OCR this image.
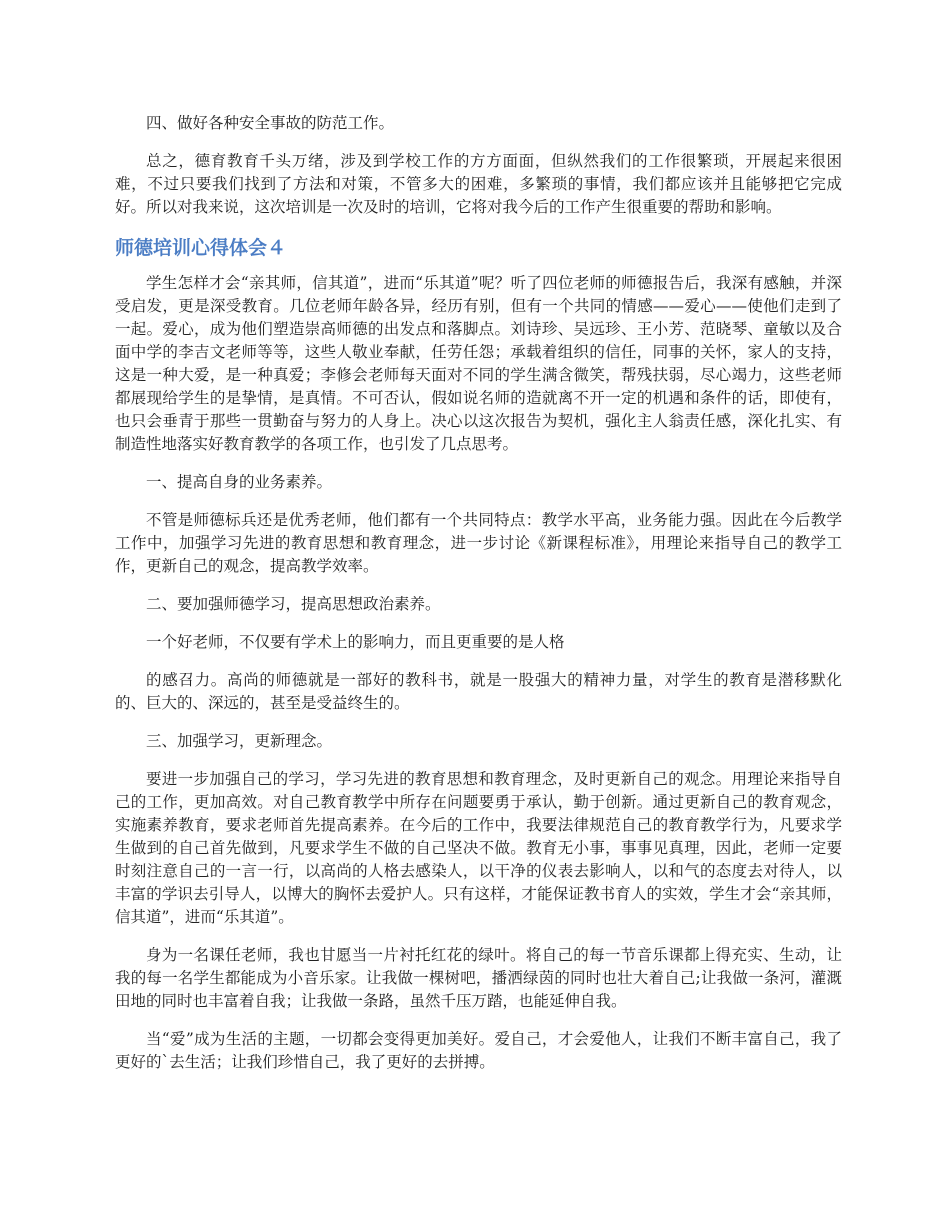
四、做好各种安全事故的防范工作。

总之，德育教育千头万绪，涉及到学校工作的方方面面，但纵然我们的工作很繁琐，开展起来很困难，不过只要我们找到了方法和对策，不管多大的困难，多繁琐的事情，我们都应该并且能够把它完成好。所以对我来说，这次培训是一次及时的培训，它将对我今后的工作产生很重要的帮助和影响。

师德培训心得体会４

学生怎样才会“亲其师，信其道”，进而“乐其道”呢？听了四位老师的师德报告后，我深有感触，并深受启发，更是深受教育。几位老师年龄各异，经历有别，但有一个共同的情感——爱心——使他们走到了一起。爱心，成为他们塑造崇高师德的出发点和落脚点。刘诗珍、吴远珍、王小芳、范晓琴、童敏以及合面中学的李吉文老师等等，这些人敬业奉献，任劳任怨；承载着组织的信任，同事的关怀，家人的支持，这是一种大爱，是一种真爱；李修会老师每天面对不同的学生满含微笑，帮残扶弱，尽心竭力，这些老师都展现给学生的是挚情，是真情。不可否认，假如说名师的造就离不开一定的机遇和条件的话，即使有，也只会垂青于那些一贯勤奋与努力的人身上。决心以这次报告为契机，强化主人翁责任感，深化扎实、有制造性地落实好教育教学的各项工作，也引发了几点思考。

一、提高自身的业务素养。

不管是师德标兵还是优秀老师，他们都有一个共同特点：教学水平高，业务能力强。因此在今后教学工作中，加强学习先进的教育思想和教育理念，进一步讨论《新课程标准》，用理论来指导自己的教学工作，更新自己的观念，提高教学效率。

二、要加强师德学习，提高思想政治素养。

一个好老师，不仅要有学术上的影响力，而且更重要的是人格

的感召力。高尚的师德就是一部好的教科书，就是一股强大的精神力量，对学生的教育是潜移默化的、巨大的、深远的，甚至是受益终生的。

三、加强学习，更新理念。

要进一步加强自己的学习，学习先进的教育思想和教育理念，及时更新自己的观念。用理论来指导自己的工作，更加高效。对自己教育教学中所存在问题要勇于承认，勤于创新。通过更新自己的教育观念，实施素养教育，要求老师首先提高素养。在今后的工作中，我要法律规范自己的教育教学行为，凡要求学生做到的自己首先做到，凡要求学生不做的自己坚决不做。教育无小事，事事见真理，因此，老师一定要时刻注意自己的一言一行，以高尚的人格去感染人，以干净的仪表去影响人，以和气的态度去对待人，以丰富的学识去引导人，以博大的胸怀去爱护人。只有这样，才能保证教书育人的实效，学生才会“亲其师，信其道”，进而“乐其道”。

身为一名课任老师，我也甘愿当一片衬托红花的绿叶。将自己的每一节音乐课都上得充实、生动，让我的每一名学生都能成为小音乐家。让我做一棵树吧，播洒绿茵的同时也壮大着自己;让我做一条河，灌溉田地的同时也丰富着自我；让我做一条路，虽然千压万踏，也能延伸自我。

当“爱”成为生活的主题，一切都会变得更加美好。爱自己，才会爱他人，让我们不断丰富自己，我了更好的`去生活；让我们珍惜自己，我了更好的去拼搏。
